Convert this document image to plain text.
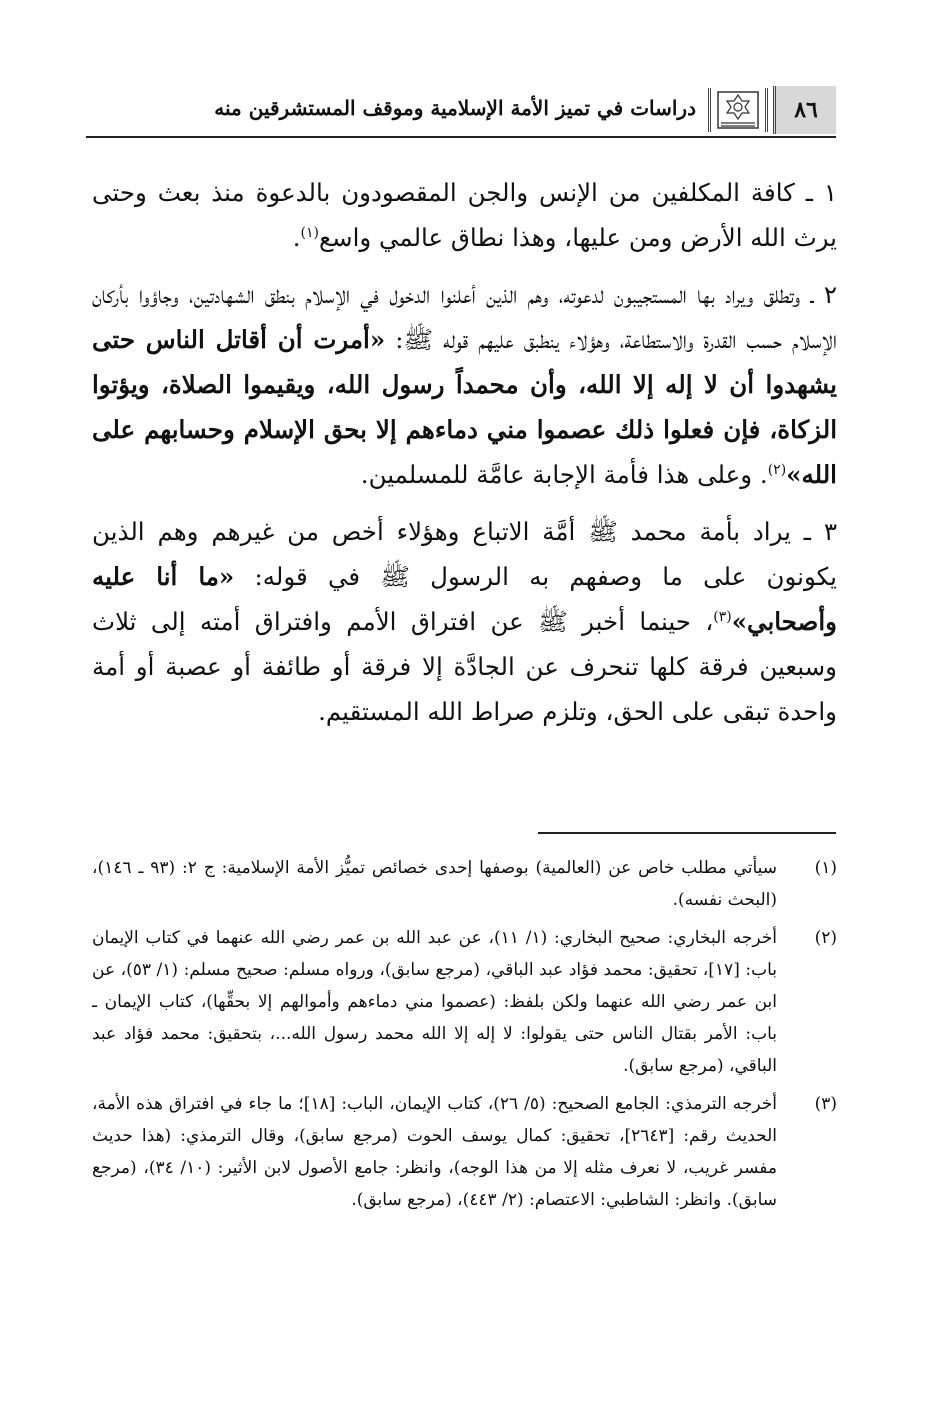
٨٦
دراسات في تميز الأمة الإسلامية وموقف المستشرقين منه

١ ـ كافة المكلفين من الإنس والجن المقصودون بالدعوة منذ بعث وحتى يرث الله الأرض ومن عليها، وهذا نطاق عالمي واسع$^{(١)}$.

٢ ـ وتطلق ويراد بها المستجيبون لدعوته، وهم الذين أعلنوا الدخول في الإسلام بنطق الشهادتين، وجاؤوا بأركان الإسلام حسب القدرة والاستطاعة، وهؤلاء ينطبق عليهم قوله ﷺ: «أمرت أن أقاتل الناس حتى يشهدوا أن لا إله إلا الله، وأن محمداً رسول الله، ويقيموا الصلاة، ويؤتوا الزكاة، فإن فعلوا ذلك عصموا مني دماءهم إلا بحق الإسلام وحسابهم على الله»$^{(٢)}$. وعلى هذا فأمة الإجابة عامَّة للمسلمين.

٣ ـ يراد بأمة محمد ﷺ أمَّة الاتباع وهؤلاء أخص من غيرهم وهم الذين يكونون على ما وصفهم به الرسول ﷺ في قوله: «ما أنا عليه وأصحابي»$^{(٣)}$، حينما أخبر ﷺ عن افتراق الأمم وافتراق أمته إلى ثلاث وسبعين فرقة كلها تنحرف عن الجادَّة إلا فرقة أو طائفة أو عصبة أو أمة واحدة تبقى على الحق، وتلزم صراط الله المستقيم.

(١)
سيأتي مطلب خاص عن (العالمية) بوصفها إحدى خصائص تميُّز الأمة الإسلامية: ج ٢: (٩٣ ـ ١٤٦)، (البحث نفسه).
(٢)
أخرجه البخاري: صحيح البخاري: (١/ ١١)، عن عبد الله بن عمر رضي الله عنهما في كتاب الإيمان باب: [١٧]، تحقيق: محمد فؤاد عبد الباقي، (مرجع سابق)، ورواه مسلم: صحيح مسلم: (١/ ٥٣)، عن ابن عمر رضي الله عنهما ولكن بلفظ: (عصموا مني دماءهم وأموالهم إلا بحقِّها)، كتاب الإيمان ـ باب: الأمر بقتال الناس حتى يقولوا: لا إله إلا الله محمد رسول الله...، بتحقيق: محمد فؤاد عبد الباقي، (مرجع سابق).
(٣)
أخرجه الترمذي: الجامع الصحيح: (٥/ ٢٦)، كتاب الإيمان، الباب: [١٨]؛ ما جاء في افتراق هذه الأمة، الحديث رقم: [٢٦٤٣]، تحقيق: كمال يوسف الحوت (مرجع سابق)، وقال الترمذي: (هذا حديث مفسر غريب، لا نعرف مثله إلا من هذا الوجه)، وانظر: جامع الأصول لابن الأثير: (١٠/ ٣٤)، (مرجع سابق). وانظر: الشاطبي: الاعتصام: (٢/ ٤٤٣)، (مرجع سابق).
